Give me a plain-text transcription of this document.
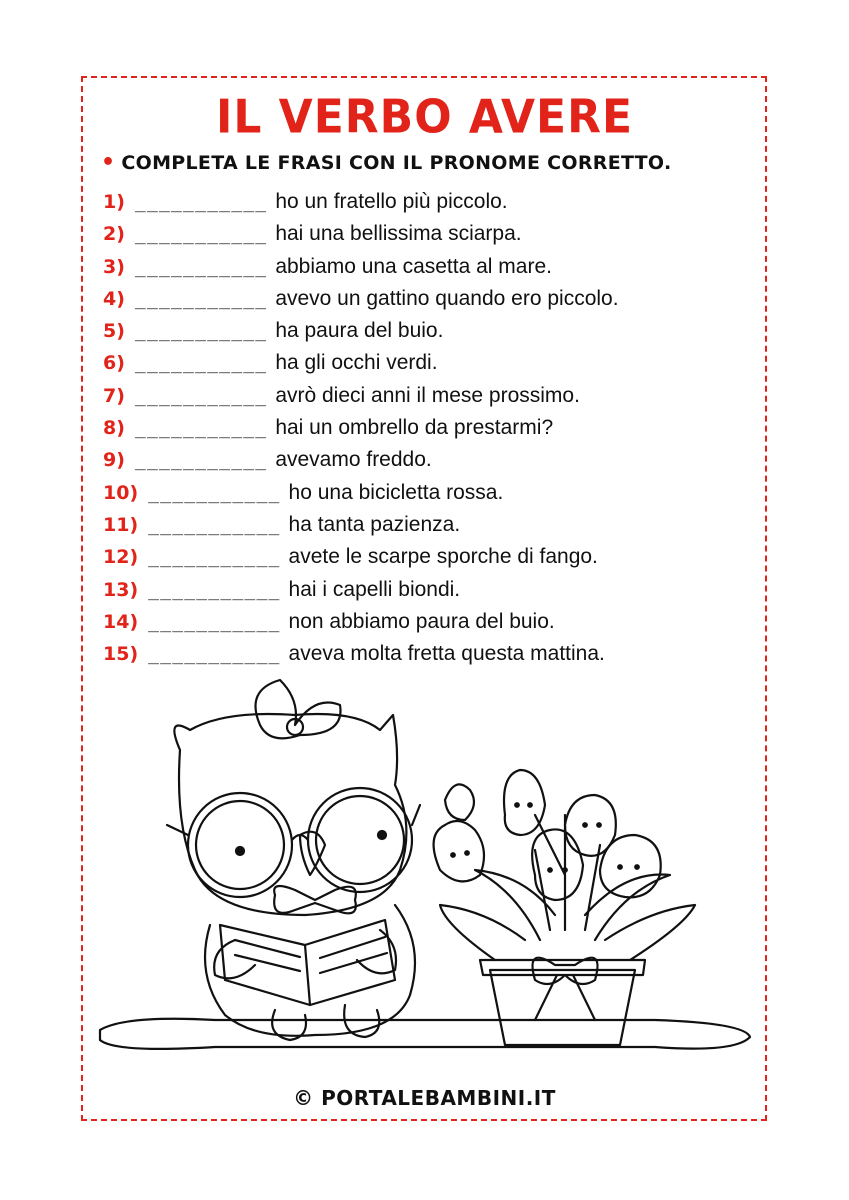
IL VERBO AVERE
• COMPLETA LE FRASI CON IL PRONOME CORRETTO.
1) ___________ ho un fratello più piccolo.
2) ___________ hai una bellissima sciarpa.
3) ___________ abbiamo una casetta al mare.
4) ___________ avevo un gattino quando ero piccolo.
5) ___________ ha paura del buio.
6) ___________ ha gli occhi verdi.
7) ___________ avrò dieci anni il mese prossimo.
8) ___________ hai un ombrello da prestarmi?
9) ___________ avevamo freddo.
10) ___________ ho una bicicletta rossa.
11) ___________ ha tanta pazienza.
12) ___________ avete le scarpe sporche di fango.
13) ___________ hai i capelli biondi.
14) ___________ non abbiamo paura del buio.
15) ___________ aveva molta fretta questa mattina.
© PORTALEBAMBINI.IT
